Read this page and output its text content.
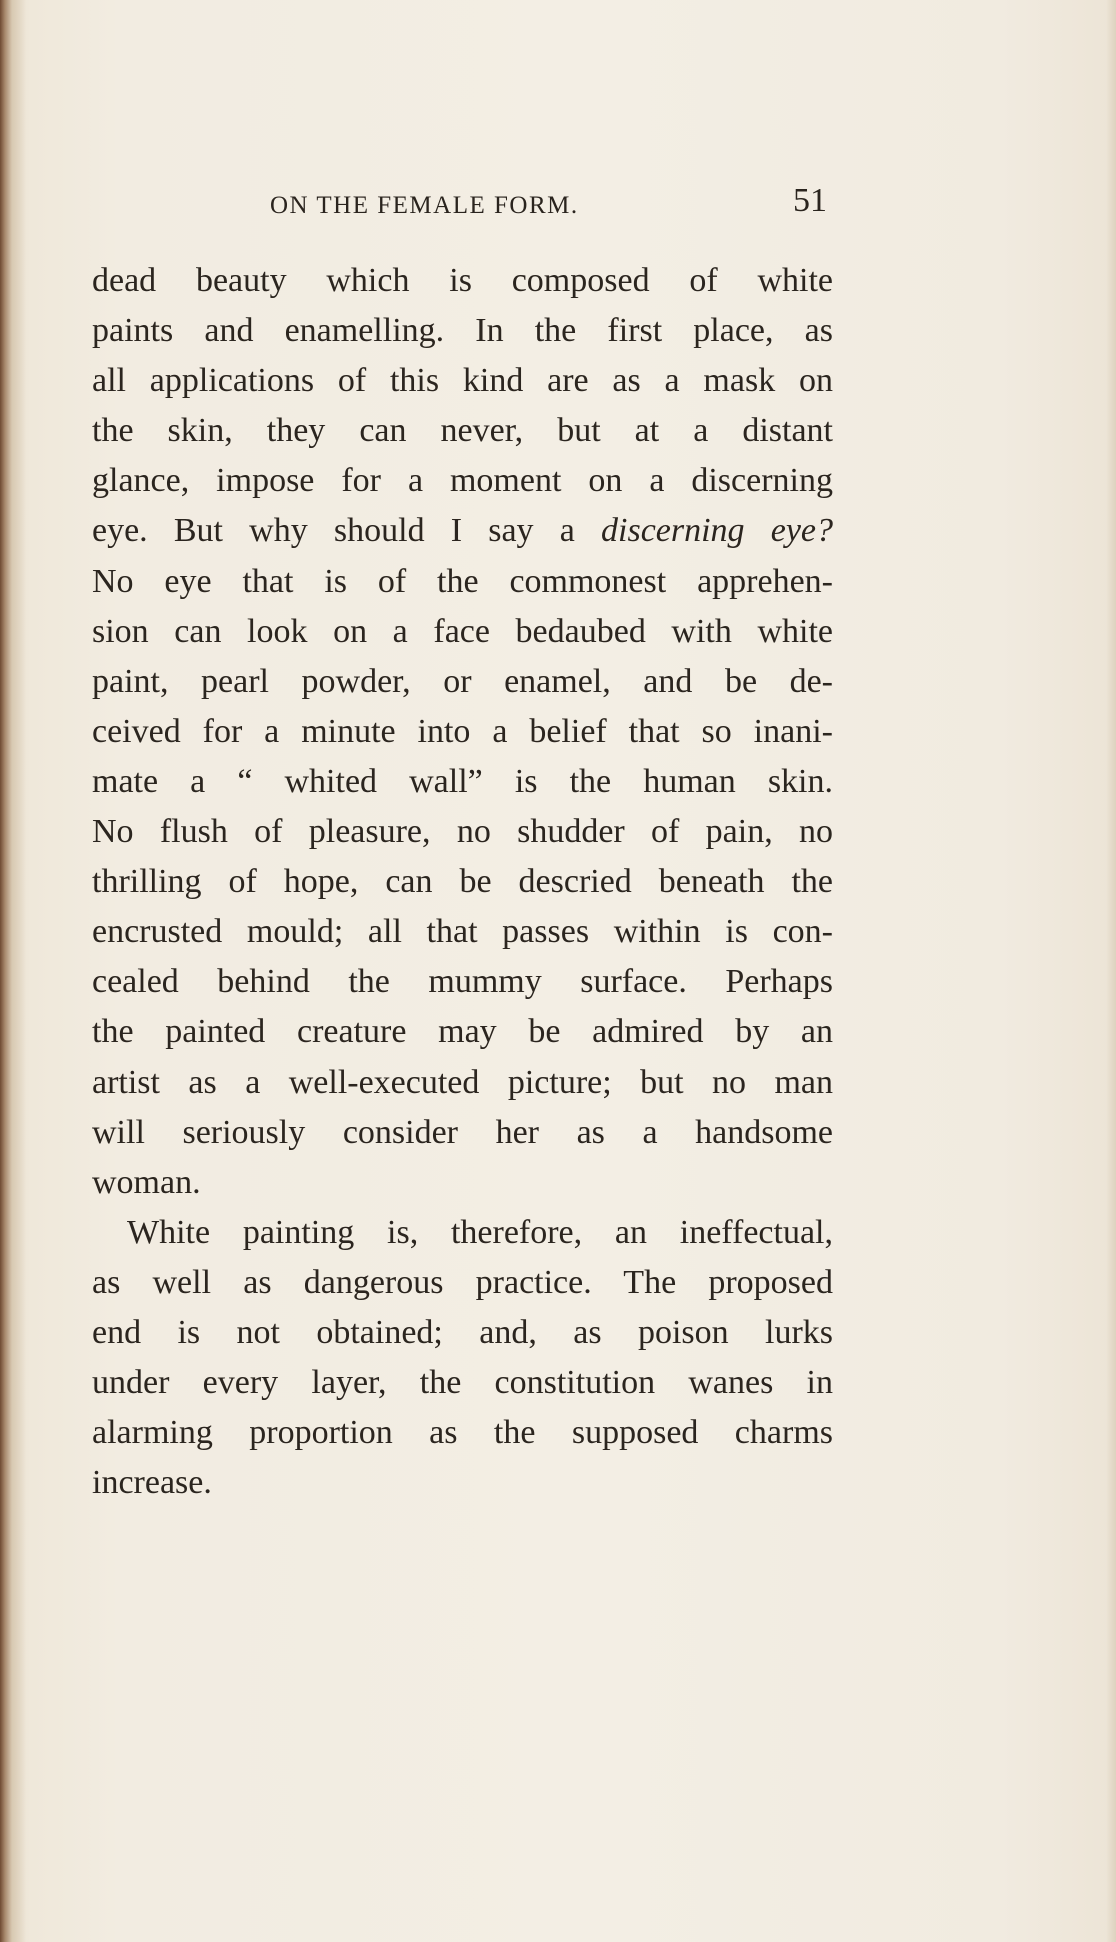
ON THE FEMALE FORM.	51
dead beauty which is composed of white
paints and enamelling. In the first place, as
all applications of this kind are as a mask on
the skin, they can never, but at a distant
glance, impose for a moment on a discerning
eye. But why should I say a discerning eye?
No eye that is of the commonest apprehen-
sion can look on a face bedaubed with white
paint, pearl powder, or enamel, and be de-
ceived for a minute into a belief that so inani-
mate a “ whited wall” is the human skin.
No flush of pleasure, no shudder of pain, no
thrilling of hope, can be descried beneath the
encrusted mould; all that passes within is con-
cealed behind the mummy surface. Perhaps
the painted creature may be admired by an
artist as a well-executed picture; but no man
will seriously consider her as a handsome
woman.
White painting is, therefore, an ineffectual,
as well as dangerous practice. The proposed
end is not obtained; and, as poison lurks
under every layer, the constitution wanes in
alarming proportion as the supposed charms
increase.
